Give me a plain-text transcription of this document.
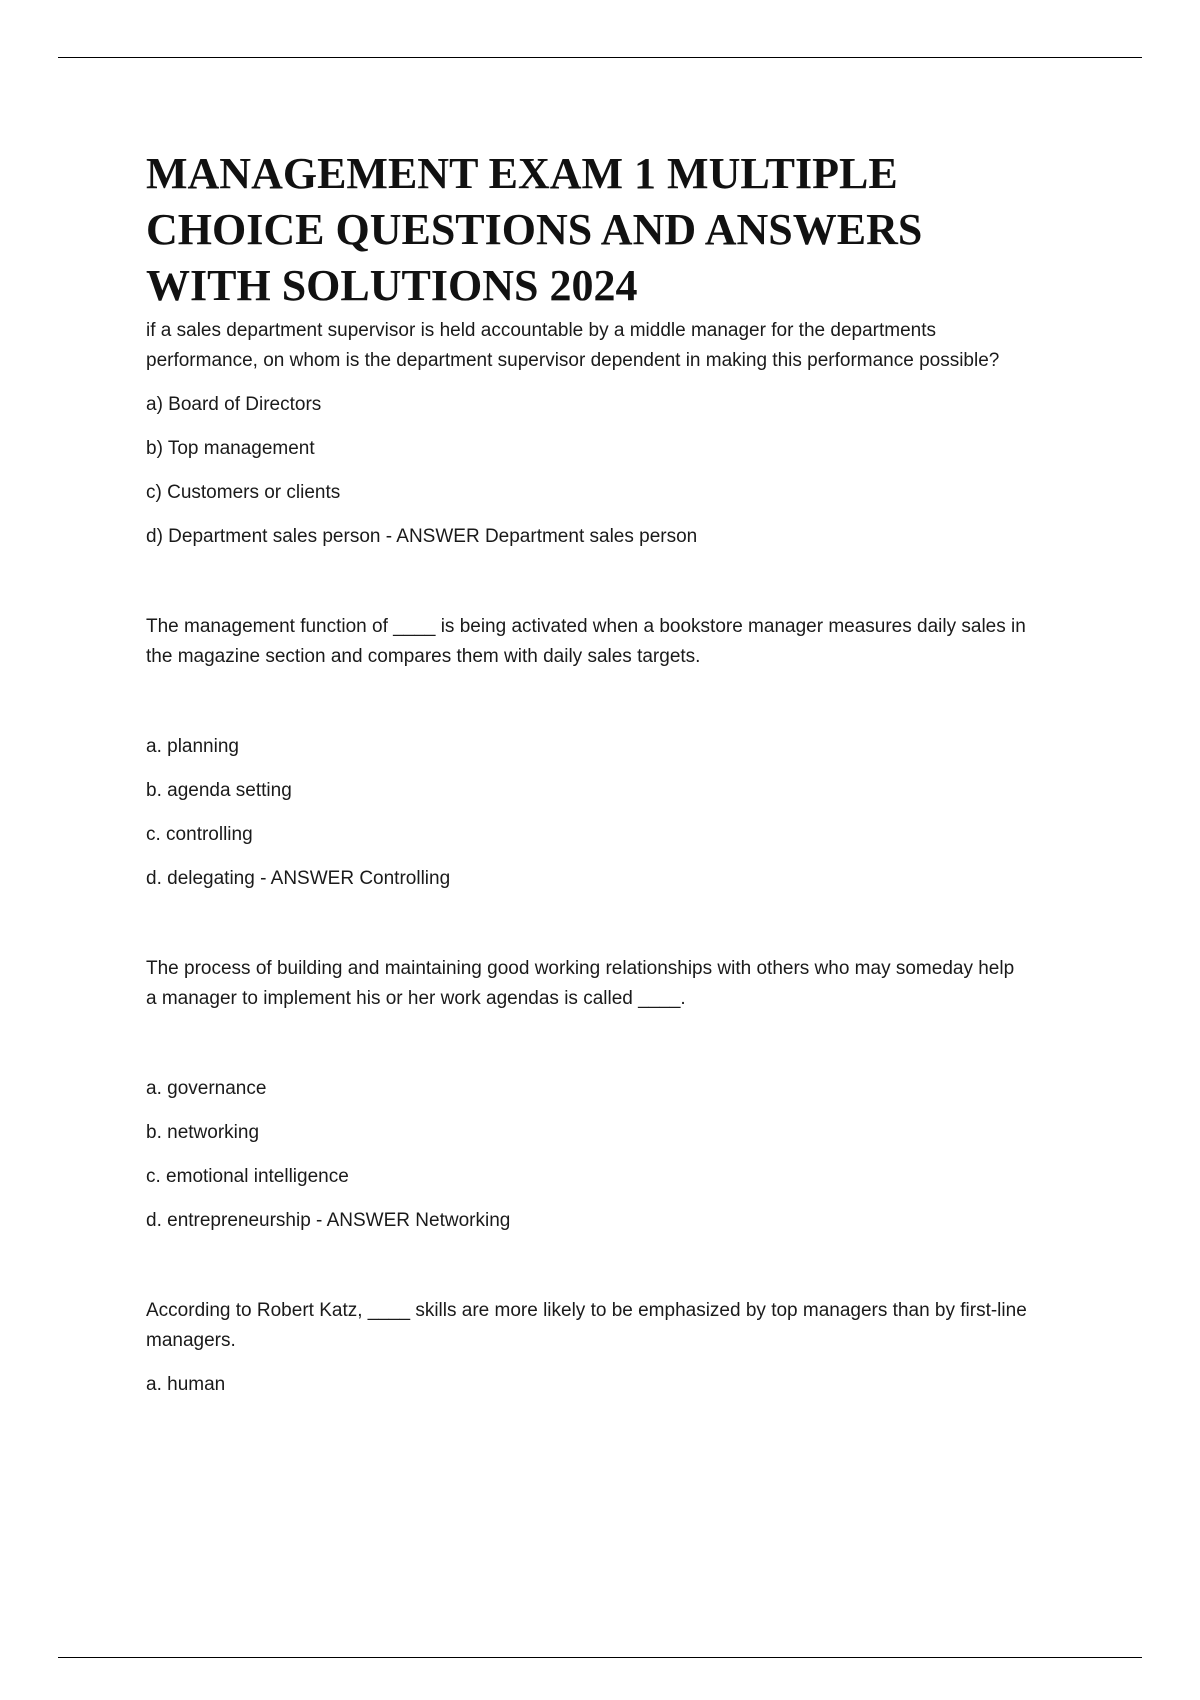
MANAGEMENT EXAM 1 MULTIPLE
CHOICE QUESTIONS AND ANSWERS
WITH SOLUTIONS 2024

if a sales department supervisor is held accountable by a middle manager for the departments
performance, on whom is the department supervisor dependent in making this performance possible?

a) Board of Directors

b) Top management

c) Customers or clients

d) Department sales person - ANSWER Department sales person

The management function of ____ is being activated when a bookstore manager measures daily sales in
the magazine section and compares them with daily sales targets.

a. planning

b. agenda setting

c. controlling

d. delegating - ANSWER Controlling

The process of building and maintaining good working relationships with others who may someday help
a manager to implement his or her work agendas is called ____.

a. governance

b. networking

c. emotional intelligence

d. entrepreneurship - ANSWER Networking

According to Robert Katz, ____ skills are more likely to be emphasized by top managers than by first-line
managers.

a. human
